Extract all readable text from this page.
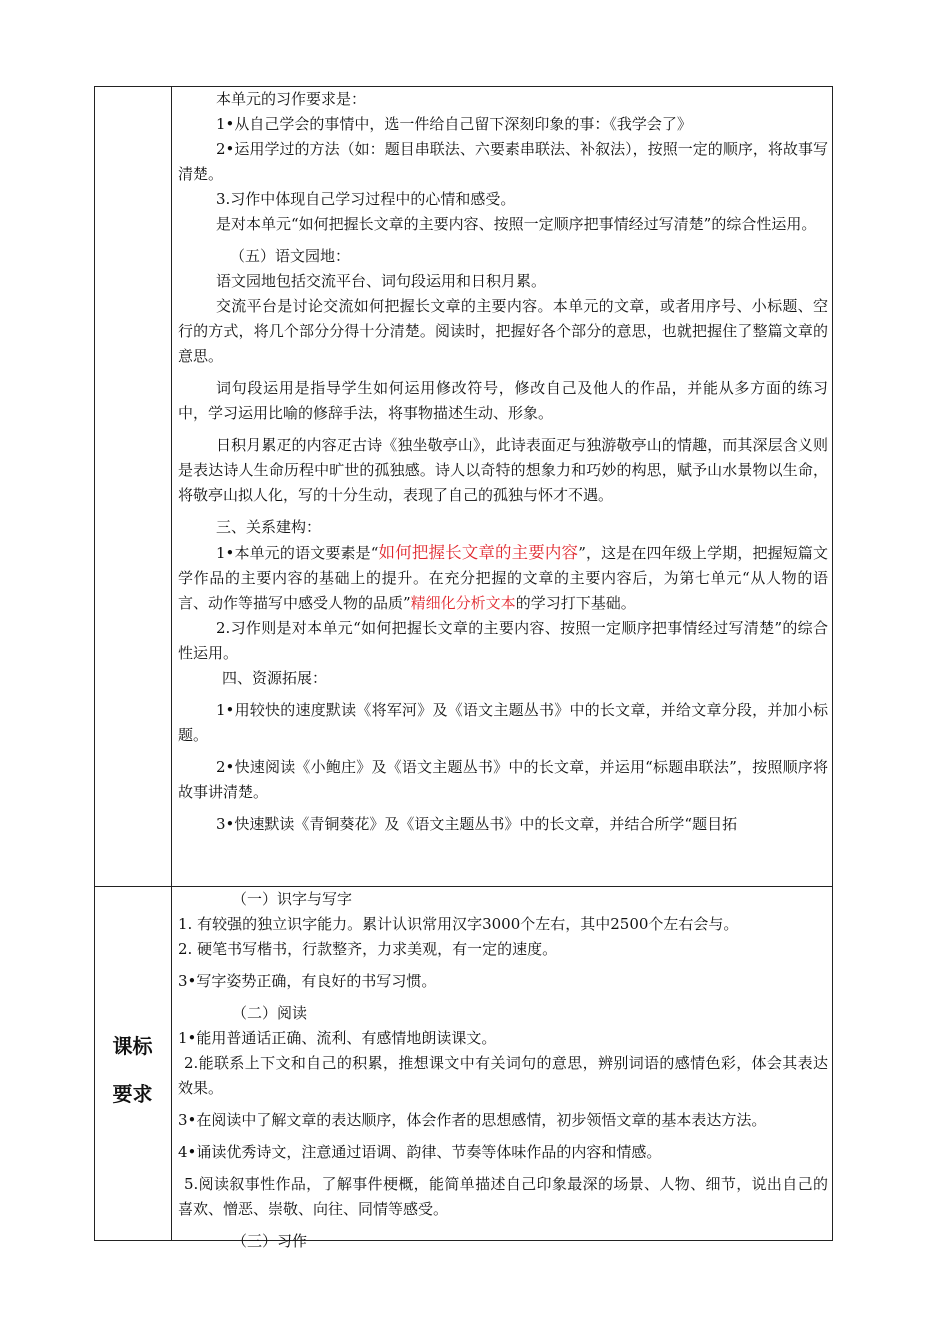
本单元的习作要求是：

1•从自己学会的事情中，选一件给自己留下深刻印象的事：《我学会了》

2•运用学过的方法（如：题目串联法、六要素串联法、补叙法），按照一定的顺序，将故事写清楚。

3.习作中体现自己学习过程中的心情和感受。

是对本单元“如何把握长文章的主要内容、按照一定顺序把事情经过写清楚”的综合性运用。

（五）语文园地：

语文园地包括交流平台、词句段运用和日积月累。

交流平台是讨论交流如何把握长文章的主要内容。本单元的文章，或者用序号、小标题、空行的方式，将几个部分分得十分清楚。阅读时，把握好各个部分的意思，也就把握住了整篇文章的意思。

词句段运用是指导学生如何运用修改符号，修改自己及他人的作品，并能从多方面的练习中，学习运用比喻的修辞手法，将事物描述生动、形象。

日积月累疋的内容疋古诗《独坐敬亭山》，此诗表面疋与独游敬亭山的情趣，而其深层含义则是表达诗人生命历程中旷世的孤独感。诗人以奇特的想象力和巧妙的构思，赋予山水景物以生命，将敬亭山拟人化，写的十分生动，表现了自己的孤独与怀才不遇。

三、关系建构：

1•本单元的语文要素是“如何把握长文章的主要内容”，这是在四年级上学期，把握短篇文学作品的主要内容的基础上的提升。在充分把握的文章的主要内容后，为第七单元“从人物的语言、动作等描写中感受人物的品质”精细化分析文本的学习打下基础。

2.习作则是对本单元“如何把握长文章的主要内容、按照一定顺序把事情经过写清楚”的综合性运用。

四、资源拓展：

1•用较快的速度默读《将军河》及《语文主题丛书》中的长文章，并给文章分段，并加小标题。

2•快速阅读《小鲍庄》及《语文主题丛书》中的长文章，并运用“标题串联法”，按照顺序将故事讲清楚。

3•快速默读《青铜葵花》及《语文主题丛书》中的长文章，并结合所学“题目拓

课标
要求

（一）识字与写字

1. 有较强的独立识字能力。累计认识常用汉字3000个左右，其中2500个左右会与。

2. 硬笔书写楷书，行款整齐，力求美观，有一定的速度。

3•写字姿势正确，有良好的书写习惯。

（二）阅读

1•能用普通话正确、流利、有感情地朗读课文。

2.能联系上下文和自己的积累，推想课文中有关词句的意思，辨别词语的感情色彩，体会其表达效果。

3•在阅读中了解文章的表达顺序，体会作者的思想感情，初步领悟文章的基本表达方法。

4•诵读优秀诗文，注意通过语调、韵律、节奏等体味作品的内容和情感。

5.阅读叙事性作品，了解事件梗概，能简单描述自己印象最深的场景、人物、细节，说出自己的喜欢、憎恶、崇敬、向往、同情等感受。

（三）习作
